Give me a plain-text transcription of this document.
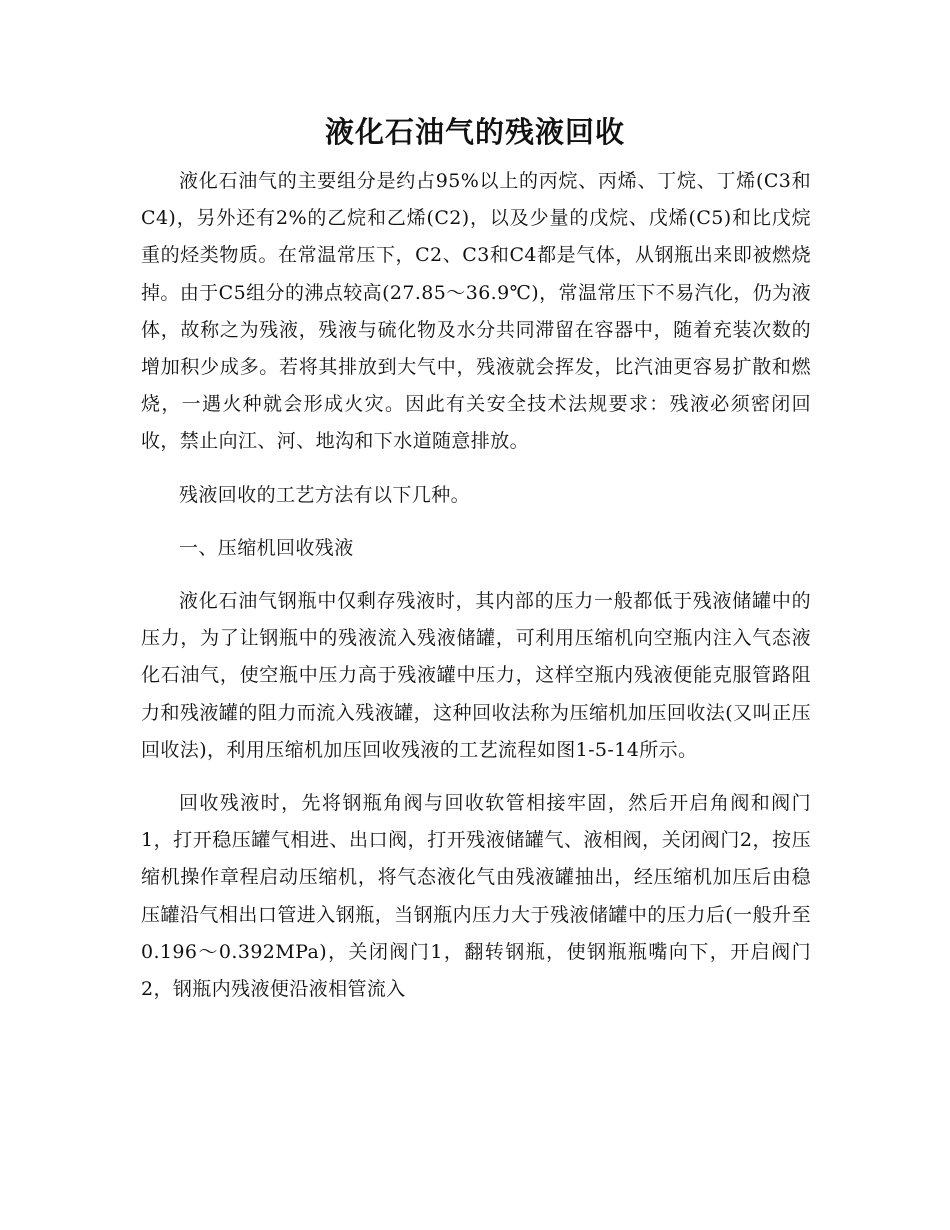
液化石油气的残液回收

液化石油气的主要组分是约占95%以上的丙烷、丙烯、丁烷、丁烯(C3和C4)，另外还有2%的乙烷和乙烯(C2)，以及少量的戊烷、戊烯(C5)和比戊烷重的烃类物质。在常温常压下，C2、C3和C4都是气体，从钢瓶出来即被燃烧掉。由于C5组分的沸点较高(27.85～36.9℃)，常温常压下不易汽化，仍为液体，故称之为残液，残液与硫化物及水分共同滞留在容器中，随着充装次数的增加积少成多。若将其排放到大气中，残液就会挥发，比汽油更容易扩散和燃烧，一遇火种就会形成火灾。因此有关安全技术法规要求：残液必须密闭回收，禁止向江、河、地沟和下水道随意排放。

残液回收的工艺方法有以下几种。

一、压缩机回收残液

液化石油气钢瓶中仅剩存残液时，其内部的压力一般都低于残液储罐中的压力，为了让钢瓶中的残液流入残液储罐，可利用压缩机向空瓶内注入气态液化石油气，使空瓶中压力高于残液罐中压力，这样空瓶内残液便能克服管路阻力和残液罐的阻力而流入残液罐，这种回收法称为压缩机加压回收法(又叫正压回收法)，利用压缩机加压回收残液的工艺流程如图1-5-14所示。

回收残液时，先将钢瓶角阀与回收软管相接牢固，然后开启角阀和阀门1，打开稳压罐气相进、出口阀，打开残液储罐气、液相阀，关闭阀门2，按压缩机操作章程启动压缩机，将气态液化气由残液罐抽出，经压缩机加压后由稳压罐沿气相出口管进入钢瓶，当钢瓶内压力大于残液储罐中的压力后(一般升至0.196～0.392MPa)，关闭阀门1，翻转钢瓶，使钢瓶瓶嘴向下，开启阀门2，钢瓶内残液便沿液相管流入
